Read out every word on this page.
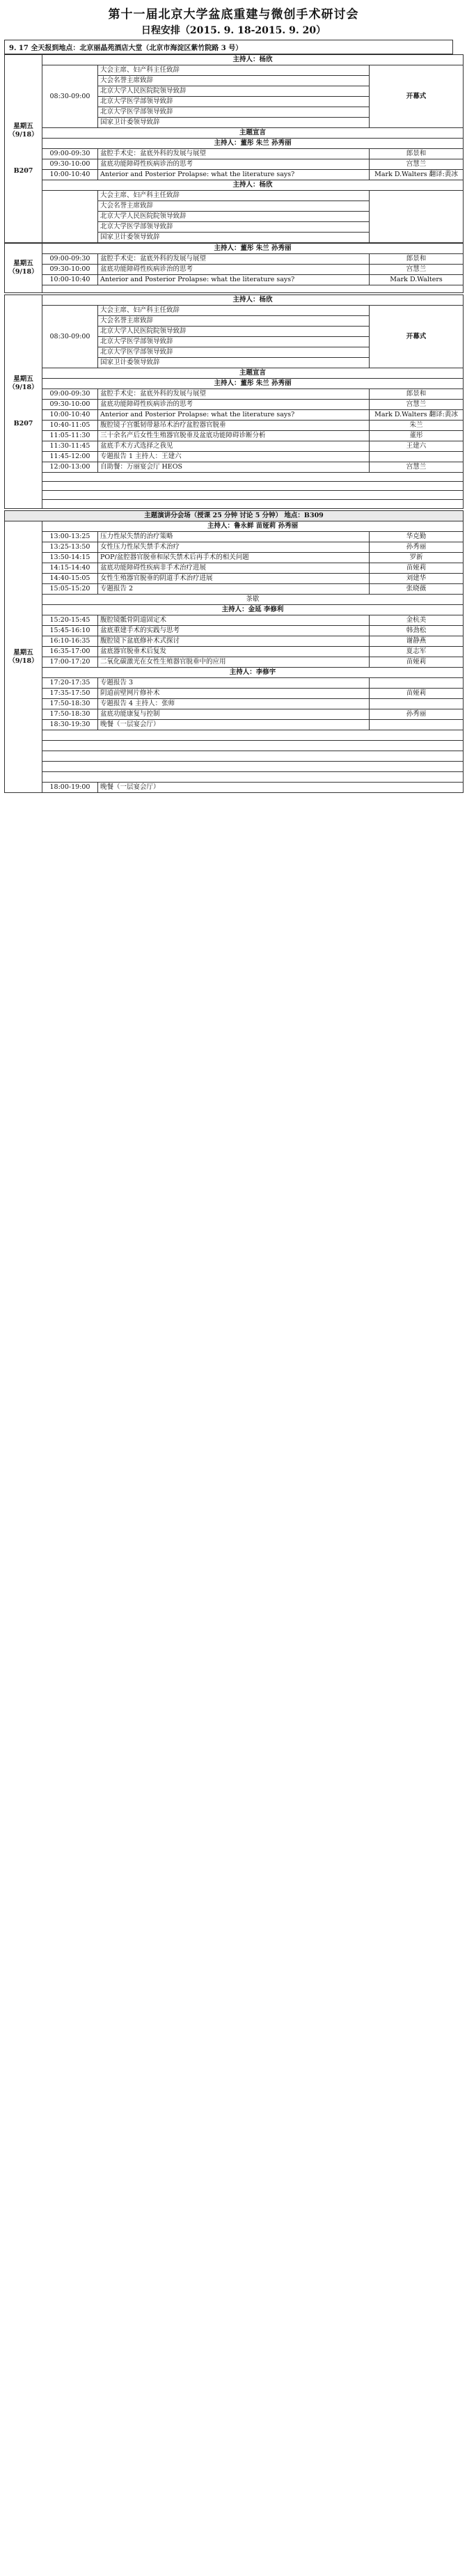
第十一届北京大学盆底重建与微创手术研讨会
日程安排（2015. 9. 18-2015. 9. 20）
9. 17 全天报到地点：北京丽晶苑酒店大堂（北京市海淀区紫竹院路 3 号）
星期五
（9/18）
B207	主持人：杨欣		
	08:30-09:00	大会主席、妇产科主任致辞	开幕式
		大会名誉主席致辞	
		北京大学人民医院院领导致辞	
		北京大学医学部领导致辞	
		北京大学医学部领导致辞	
		国家卫计委领导致辞	
	主题宣言		
	主持人：董彤 朱兰 孙秀丽		
	09:00-09:30	盆腔手术史：盆底外科的发展与展望	郎景和
	09:30-10:00	盆底功能障碍性疾病诊治的思考	宫慧兰
	10:00-10:40	Anterior and Posterior Prolapse: what the literature says?	Mark D.Walters 翻译:黄冰
	主持人：杨欣		
		大会主席、妇产科主任致辞	
		大会名誉主席致辞	
		北京大学人民医院院领导致辞	
		北京大学医学部领导致辞	
		国家卫计委领导致辞	
星期五
（9/18）	主持人：董彤 朱兰 孙秀丽		
	09:00-09:30	盆腔手术史：盆底外科的发展与展望	郎景和
	09:30-10:00	盆底功能障碍性疾病诊治的思考	宫慧兰
	10:00-10:40	Anterior and Posterior Prolapse: what the literature says?	Mark D.Walters

星期五
（9/18）
B207	主持人：杨欣		
	08:30-09:00	大会主席、妇产科主任致辞	开幕式
		大会名誉主席致辞	
		北京大学人民医院院领导致辞	
		北京大学医学部领导致辞	
		北京大学医学部领导致辞	
		国家卫计委领导致辞	
	主题宣言		
	主持人：董彤 朱兰 孙秀丽		
	09:00-09:30	盆腔手术史：盆底外科的发展与展望	郎景和
	09:30-10:00	盆底功能障碍性疾病诊治的思考	宫慧兰
	10:00-10:40	Anterior and Posterior Prolapse: what the literature says?	Mark D.Walters 翻译:黄冰
	10:40-11:05	腹腔镜子宫骶韧带悬吊术治疗盆腔器官脱垂	朱兰
	11:05-11:30	三十余名产后女性生殖器官脱垂及盆底功能障碍诊断分析	董彤
	11:30-11:45	盆底手术方式选择之我见	王建六
	11:45-12:00	专题报告 1 主持人：王建六	
	12:00-13:00	自助餐：万丽宴会厅 HEOS	宫慧兰

主题演讲分会场（授课 25 分钟 讨论 5 分钟） 地点：B309			

星期五
（9/18）	主持人：鲁永鲜 苗娅莉 孙秀丽		
	13:00-13:25	压力性尿失禁的治疗策略	华克勤
	13:25-13:50	女性压力性尿失禁手术治疗	孙秀丽
	13:50-14:15	POP/盆腔器官脱垂和尿失禁术后再手术的相关问题	罗新
	14:15-14:40	盆底功能障碍性疾病非手术治疗进展	苗娅莉
	14:40-15:05	女性生殖器官脱垂的阴道手术治疗进展	刘建华
	15:05-15:20	专题报告 2	张晓薇
	茶歇		
	主持人：金延 李修利		
	15:20-15:45	腹腔镜骶骨阴道固定术	金杭美
	15:45-16:10	盆底重建手术的实践与思考	韩劲松
	16:10-16:35	腹腔镜下盆底修补术式探讨	谢静燕
	16:35-17:00	盆底器官脱垂术后复发	夏志军
	17:00-17:20	二氧化碳激光在女性生殖器官脱垂中的应用	苗娅莉
	主持人：李修宇		
	17:20-17:35	专题报告 3	
	17:35-17:50	阴道前壁网片修补术	苗娅莉
	17:50-18:30	专题报告 4 主持人：张师	
	17:50-18:30	盆底功能康复与控制	孙秀丽
	18:30-19:30	晚餐（一层宴会厅）	

	18:00-19:00	晚餐（一层宴会厅）	
